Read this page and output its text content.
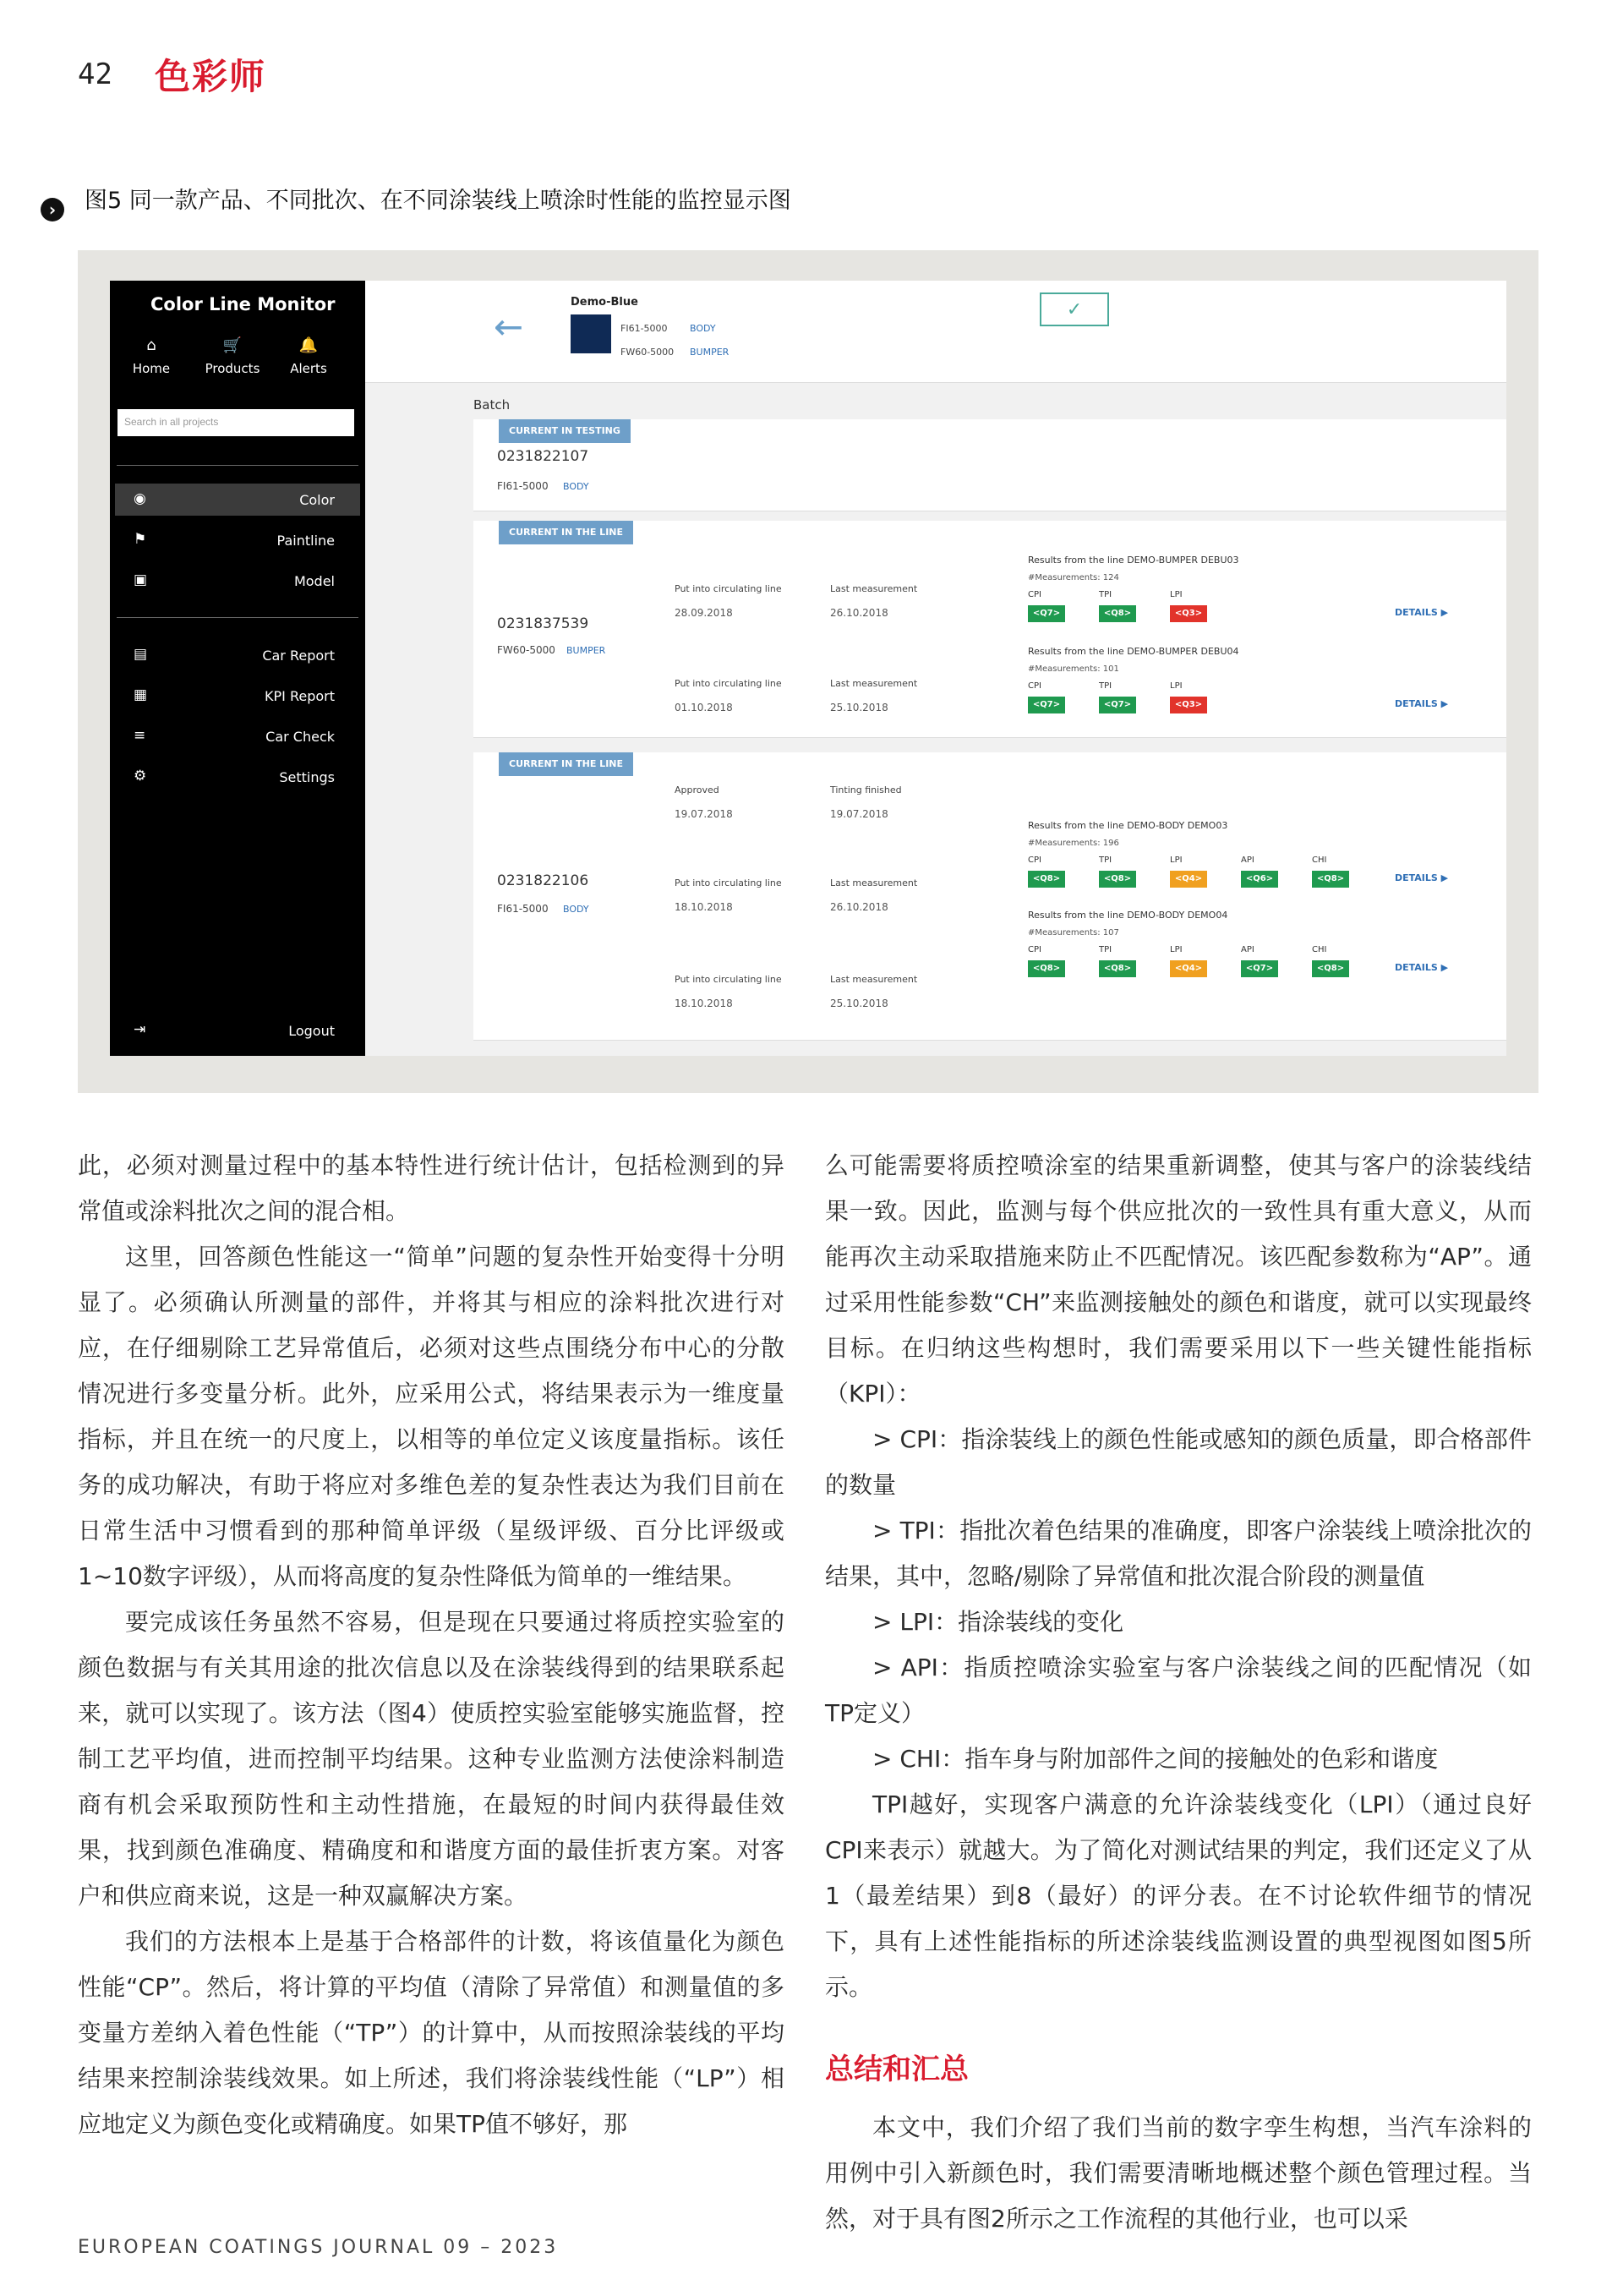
42 色彩师
›	图5 同一款产品、不同批次、在不同涂装线上喷涂时性能的监控显示图
Color Line Monitor
⌂
Home
🛒
Products
🔔
Alerts
Search in all projects
◉	Color
⚑	Paintline
▣	Model
▤	Car Report
▦	KPI Report
≡	Car Check
⚙	Settings
⇥	Logout
←
Demo-Blue
FI61-5000 BODY
FW60-5000 BUMPER
✓
Batch
CURRENT IN TESTING
0231822107
FI61-5000 BODY
CURRENT IN THE LINE
0231837539
FW60-5000 BUMPER
Put into circulating line
28.09.2018
Last measurement
26.10.2018
Results from the line DEMO-BUMPER DEBU03
#Measurements: 124
CPI	TPI	LPI
<Q7>	<Q8>	<Q3>	DETAILS ▶
Put into circulating line
01.10.2018
Last measurement
25.10.2018
Results from the line DEMO-BUMPER DEBU04
#Measurements: 101
CPI	TPI	LPI
<Q7>	<Q7>	<Q3>	DETAILS ▶
CURRENT IN THE LINE
0231822106
FI61-5000 BODY
Approved
19.07.2018
Tinting finished
19.07.2018
Put into circulating line
18.10.2018
Last measurement
26.10.2018
Results from the line DEMO-BODY DEMO03
#Measurements: 196
CPI	TPI	LPI	API	CHI
<Q8>	<Q8>	<Q4>	<Q6>	<Q8>	DETAILS ▶
Put into circulating line
18.10.2018
Last measurement
25.10.2018
Results from the line DEMO-BODY DEMO04
#Measurements: 107
CPI	TPI	LPI	API	CHI
<Q8>	<Q8>	<Q4>	<Q7>	<Q8>	DETAILS ▶

此，必须对测量过程中的基本特性进行统计估计，包括检测到的异常值或涂料批次之间的混合相。

这里，回答颜色性能这一“简单”问题的复杂性开始变得十分明显了。必须确认所测量的部件，并将其与相应的涂料批次进行对应，在仔细剔除工艺异常值后，必须对这些点围绕分布中心的分散情况进行多变量分析。此外，应采用公式，将结果表示为一维度量指标，并且在统一的尺度上，以相等的单位定义该度量指标。该任务的成功解决，有助于将应对多维色差的复杂性表达为我们目前在日常生活中习惯看到的那种简单评级（星级评级、百分比评级或1~10数字评级），从而将高度的复杂性降低为简单的一维结果。

要完成该任务虽然不容易，但是现在只要通过将质控实验室的颜色数据与有关其用途的批次信息以及在涂装线得到的结果联系起来，就可以实现了。该方法（图4）使质控实验室能够实施监督，控制工艺平均值，进而控制平均结果。这种专业监测方法使涂料制造商有机会采取预防性和主动性措施，在最短的时间内获得最佳效果，找到颜色准确度、精确度和和谐度方面的最佳折衷方案。对客户和供应商来说，这是一种双赢解决方案。

我们的方法根本上是基于合格部件的计数，将该值量化为颜色性能“CP”。然后，将计算的平均值（清除了异常值）和测量值的多变量方差纳入着色性能（“TP”）的计算中，从而按照涂装线的平均结果来控制涂装线效果。如上所述，我们将涂装线性能（“LP”）相应地定义为颜色变化或精确度。如果TP值不够好，那

么可能需要将质控喷涂室的结果重新调整，使其与客户的涂装线结果一致。因此，监测与每个供应批次的一致性具有重大意义，从而能再次主动采取措施来防止不匹配情况。该匹配参数称为“AP”。通过采用性能参数“CH”来监测接触处的颜色和谐度，就可以实现最终目标。在归纳这些构想时，我们需要采用以下一些关键性能指标（KPI）：

> CPI：指涂装线上的颜色性能或感知的颜色质量，即合格部件的数量

> TPI：指批次着色结果的准确度，即客户涂装线上喷涂批次的结果，其中，忽略/剔除了异常值和批次混合阶段的测量值

> LPI：指涂装线的变化

> API：指质控喷涂实验室与客户涂装线之间的匹配情况（如TP定义）

> CHI：指车身与附加部件之间的接触处的色彩和谐度

TPI越好，实现客户满意的允许涂装线变化（LPI）（通过良好CPI来表示）就越大。为了简化对测试结果的判定，我们还定义了从1（最差结果）到8（最好）的评分表。在不讨论软件细节的情况下，具有上述性能指标的所述涂装线监测设置的典型视图如图5所示。

总结和汇总

本文中，我们介绍了我们当前的数字孪生构想，当汽车涂料的用例中引入新颜色时，我们需要清晰地概述整个颜色管理过程。当然，对于具有图2所示之工作流程的其他行业，也可以采

EUROPEAN COATINGS JOURNAL 09 – 2023
